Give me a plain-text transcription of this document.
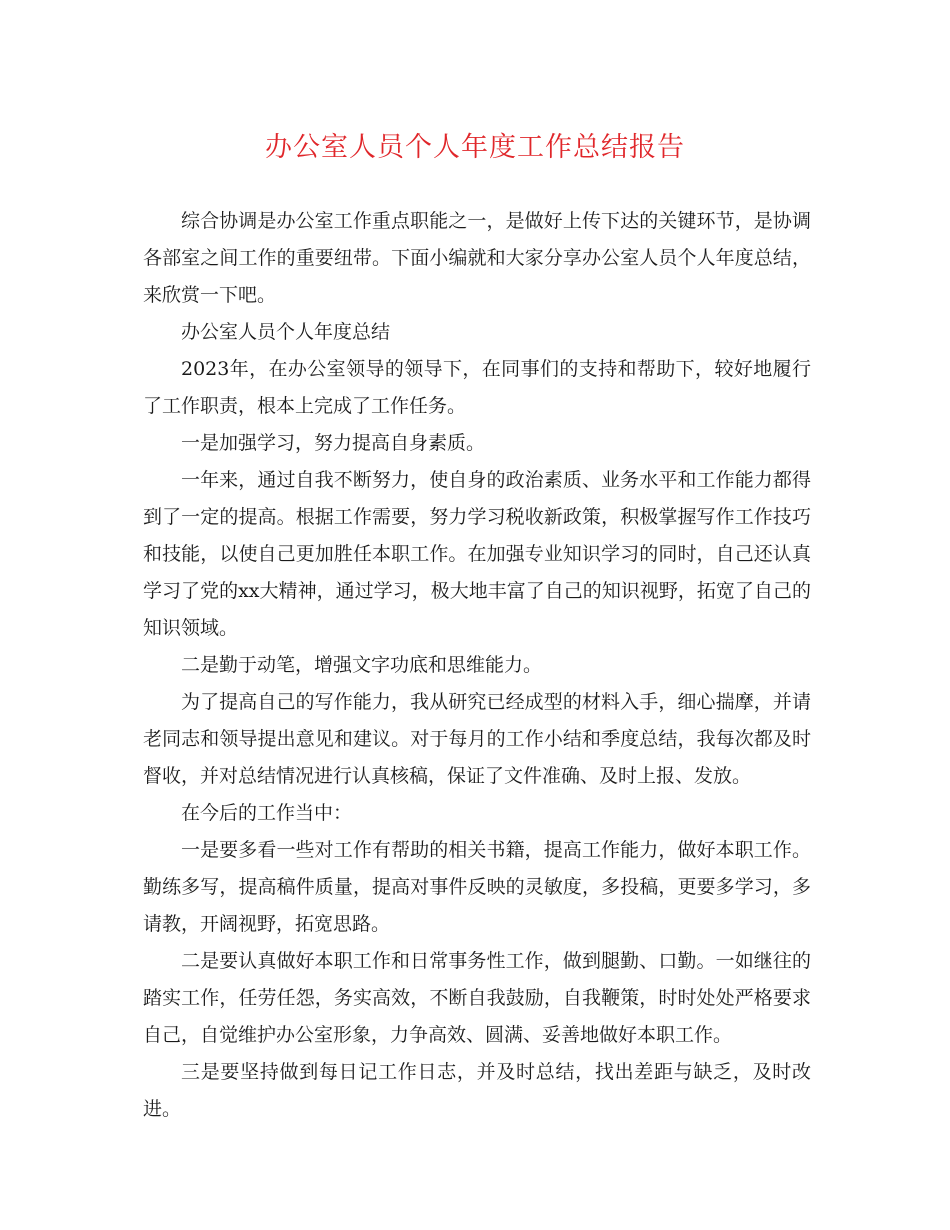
办公室人员个人年度工作总结报告

综合协调是办公室工作重点职能之一，是做好上传下达的关键环节，是协调各部室之间工作的重要纽带。下面小编就和大家分享办公室人员个人年度总结，来欣赏一下吧。

办公室人员个人年度总结

2023年，在办公室领导的领导下，在同事们的支持和帮助下，较好地履行了工作职责，根本上完成了工作任务。

一是加强学习，努力提高自身素质。

一年来，通过自我不断努力，使自身的政治素质、业务水平和工作能力都得到了一定的提高。根据工作需要，努力学习税收新政策，积极掌握写作工作技巧和技能，以使自己更加胜任本职工作。在加强专业知识学习的同时，自己还认真学习了党的xx大精神，通过学习，极大地丰富了自己的知识视野，拓宽了自己的知识领域。

二是勤于动笔，增强文字功底和思维能力。

为了提高自己的写作能力，我从研究已经成型的材料入手，细心揣摩，并请老同志和领导提出意见和建议。对于每月的工作小结和季度总结，我每次都及时督收，并对总结情况进行认真核稿，保证了文件准确、及时上报、发放。

在今后的工作当中：

一是要多看一些对工作有帮助的相关书籍，提高工作能力，做好本职工作。勤练多写，提高稿件质量，提高对事件反映的灵敏度，多投稿，更要多学习，多请教，开阔视野，拓宽思路。

二是要认真做好本职工作和日常事务性工作，做到腿勤、口勤。一如继往的踏实工作，任劳任怨，务实高效，不断自我鼓励，自我鞭策，时时处处严格要求自己，自觉维护办公室形象，力争高效、圆满、妥善地做好本职工作。

三是要坚持做到每日记工作日志，并及时总结，找出差距与缺乏，及时改进。
